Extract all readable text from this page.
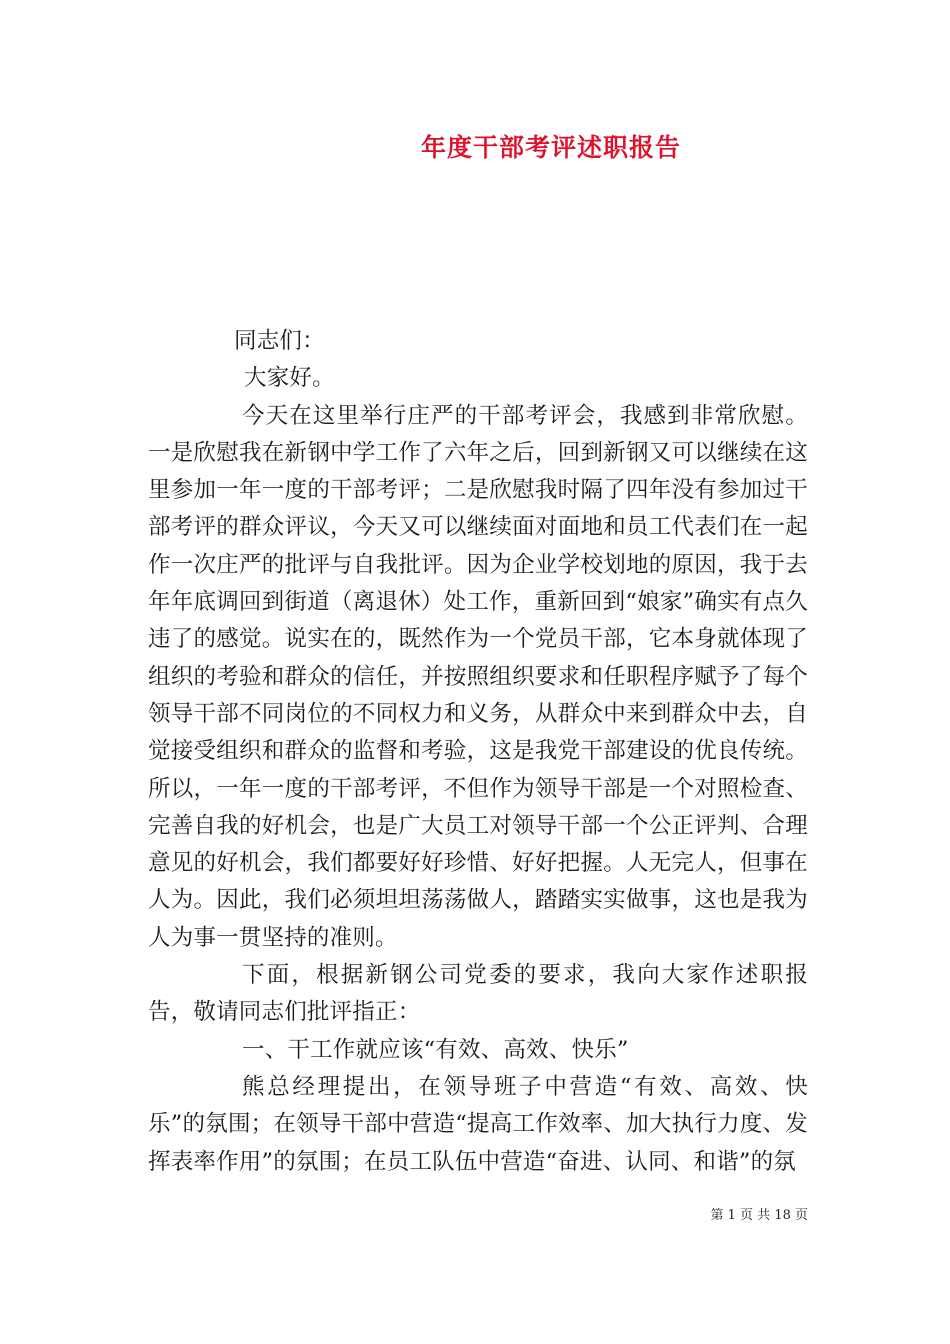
年度干部考评述职报告

同志们：

大家好。

今天在这里举行庄严的干部考评会，我感到非常欣慰。一是欣慰我在新钢中学工作了六年之后，回到新钢又可以继续在这里参加一年一度的干部考评；二是欣慰我时隔了四年没有参加过干部考评的群众评议，今天又可以继续面对面地和员工代表们在一起作一次庄严的批评与自我批评。因为企业学校划地的原因，我于去年年底调回到街道（离退休）处工作，重新回到“娘家”确实有点久违了的感觉。说实在的，既然作为一个党员干部，它本身就体现了组织的考验和群众的信任，并按照组织要求和任职程序赋予了每个领导干部不同岗位的不同权力和义务，从群众中来到群众中去，自觉接受组织和群众的监督和考验，这是我党干部建设的优良传统。所以，一年一度的干部考评，不但作为领导干部是一个对照检查、完善自我的好机会，也是广大员工对领导干部一个公正评判、合理意见的好机会，我们都要好好珍惜、好好把握。人无完人，但事在人为。因此，我们必须坦坦荡荡做人，踏踏实实做事，这也是我为人为事一贯坚持的准则。

下面，根据新钢公司党委的要求，我向大家作述职报告，敬请同志们批评指正：

一、干工作就应该“有效、高效、快乐”

熊总经理提出，在领导班子中营造“有效、高效、快乐”的氛围；在领导干部中营造“提高工作效率、加大执行力度、发挥表率作用”的氛围；在员工队伍中营造“奋进、认同、和谐”的氛

第 1 页 共 18 页
